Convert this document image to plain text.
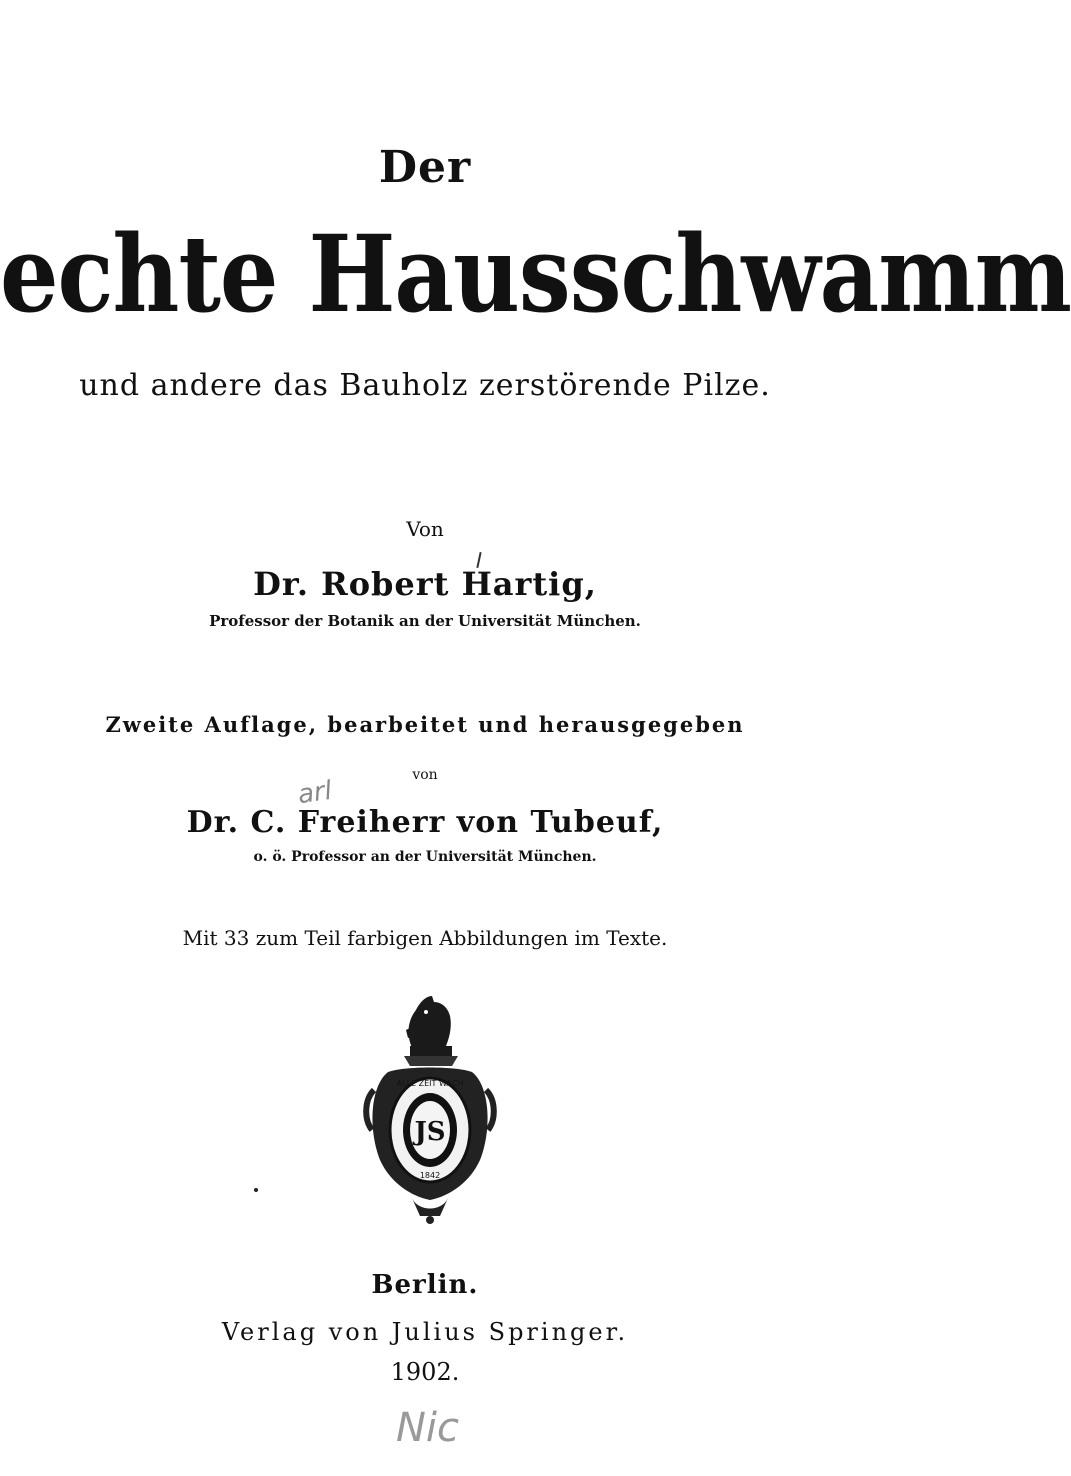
Der
echte Hausschwamm
und andere das Bauholz zerstörende Pilze.
Von
Dr. Robert Hartig,
Professor der Botanik an der Universität München.
Zweite Auflage, bearbeitet und herausgegeben
von
arl
Dr. C. Freiherr von Tubeuf,
o. ö. Professor an der Universität München.
Mit 33 zum Teil farbigen Abbildungen im Texte.
JS
ALLE ZEIT WACH
1842
Berlin.
Verlag von Julius Springer.
1902.
Nic
